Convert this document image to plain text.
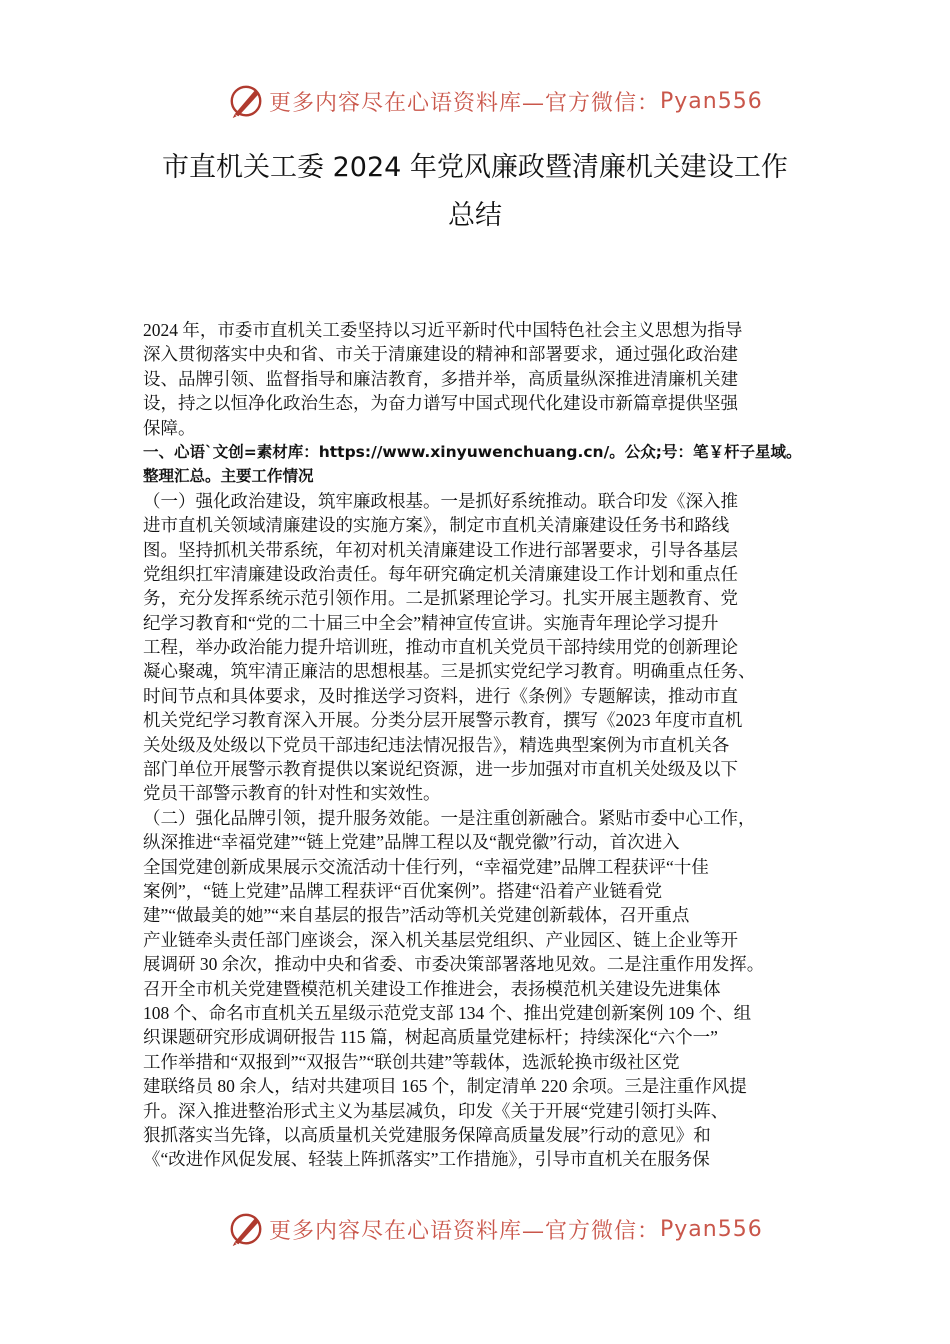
更多内容尽在心语资料库—官方微信： Pyan556
市直机关工委 2024 年党风廉政暨清廉机关建设工作
总结
2024 年，市委市直机关工委坚持以习近平新时代中国特色社会主义思想为指导
深入贯彻落实中央和省、市关于清廉建设的精神和部署要求，通过强化政治建
设、品牌引领、监督指导和廉洁教育，多措并举，高质量纵深推进清廉机关建
设，持之以恒净化政治生态，为奋力谱写中国式现代化建设市新篇章提供坚强
保障。
一、心语`文创=素材库：https://www.xinyuwenchuang.cn/。公众;号：笔￥杆子星域。
整理汇总。主要工作情况
（一）强化政治建设，筑牢廉政根基。一是抓好系统推动。联合印发《深入推
进市直机关领域清廉建设的实施方案》，制定市直机关清廉建设任务书和路线
图。坚持抓机关带系统，年初对机关清廉建设工作进行部署要求，引导各基层
党组织扛牢清廉建设政治责任。每年研究确定机关清廉建设工作计划和重点任
务，充分发挥系统示范引领作用。二是抓紧理论学习。扎实开展主题教育、党
纪学习教育和“党的二十届三中全会”精神宣传宣讲。实施青年理论学习提升
工程，举办政治能力提升培训班，推动市直机关党员干部持续用党的创新理论
凝心聚魂，筑牢清正廉洁的思想根基。三是抓实党纪学习教育。明确重点任务、
时间节点和具体要求，及时推送学习资料，进行《条例》专题解读，推动市直
机关党纪学习教育深入开展。分类分层开展警示教育，撰写《2023 年度市直机
关处级及处级以下党员干部违纪违法情况报告》，精选典型案例为市直机关各
部门单位开展警示教育提供以案说纪资源，进一步加强对市直机关处级及以下
党员干部警示教育的针对性和实效性。
（二）强化品牌引领，提升服务效能。一是注重创新融合。紧贴市委中心工作，
纵深推进“幸福党建”“链上党建”品牌工程以及“靓党徽”行动，首次进入
全国党建创新成果展示交流活动十佳行列，“幸福党建”品牌工程获评“十佳
案例”，“链上党建”品牌工程获评“百优案例”。搭建“沿着产业链看党
建”“做最美的她”“来自基层的报告”活动等机关党建创新载体，召开重点
产业链牵头责任部门座谈会，深入机关基层党组织、产业园区、链上企业等开
展调研 30 余次，推动中央和省委、市委决策部署落地见效。二是注重作用发挥。
召开全市机关党建暨模范机关建设工作推进会，表扬模范机关建设先进集体
108 个、命名市直机关五星级示范党支部 134 个、推出党建创新案例 109 个、组
织课题研究形成调研报告 115 篇，树起高质量党建标杆；持续深化“六个一”
工作举措和“双报到”“双报告”“联创共建”等载体，选派轮换市级社区党
建联络员 80 余人，结对共建项目 165 个，制定清单 220 余项。三是注重作风提
升。深入推进整治形式主义为基层减负，印发《关于开展“党建引领打头阵、
狠抓落实当先锋，以高质量机关党建服务保障高质量发展”行动的意见》和
《“改进作风促发展、轻装上阵抓落实”工作措施》，引导市直机关在服务保
更多内容尽在心语资料库—官方微信： Pyan556
